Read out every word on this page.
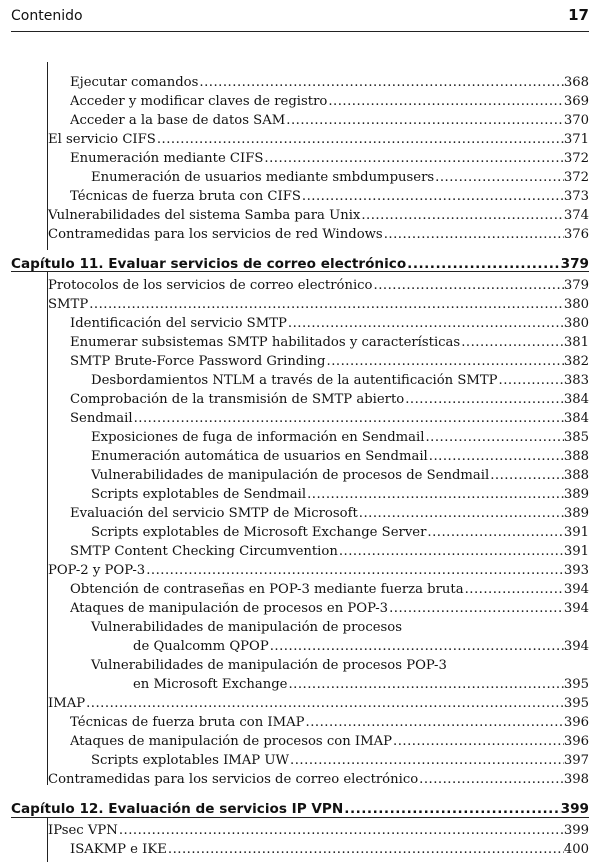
Contenido	17
Ejecutar comandos .....	368
Acceder y modificar claves de registro .....	369
Acceder a la base de datos SAM .....	370
El servicio CIFS .....	371
Enumeración mediante CIFS .....	372
Enumeración de usuarios mediante smbdumpusers .....	372
Técnicas de fuerza bruta con CIFS .....	373
Vulnerabilidades del sistema Samba para Unix .....	374
Contramedidas para los servicios de red Windows .....	376
Capítulo 11. Evaluar servicios de correo electrónico .....	379
Protocolos de los servicios de correo electrónico .....	379
SMTP .....	380
Identificación del servicio SMTP .....	380
Enumerar subsistemas SMTP habilitados y características .....	381
SMTP Brute-Force Password Grinding .....	382
Desbordamientos NTLM a través de la autentificación SMTP .....	383
Comprobación de la transmisión de SMTP abierto .....	384
Sendmail .....	384
Exposiciones de fuga de información en Sendmail .....	385
Enumeración automática de usuarios en Sendmail .....	388
Vulnerabilidades de manipulación de procesos de Sendmail .....	388
Scripts explotables de Sendmail .....	389
Evaluación del servicio SMTP de Microsoft .....	389
Scripts explotables de Microsoft Exchange Server .....	391
SMTP Content Checking Circumvention .....	391
POP-2 y POP-3 .....	393
Obtención de contraseñas en POP-3 mediante fuerza bruta .....	394
Ataques de manipulación de procesos en POP-3 .....	394
Vulnerabilidades de manipulación de procesos
de Qualcomm QPOP .....	394
Vulnerabilidades de manipulación de procesos POP-3
en Microsoft Exchange .....	395
IMAP .....	395
Técnicas de fuerza bruta con IMAP .....	396
Ataques de manipulación de procesos con IMAP .....	396
Scripts explotables IMAP UW .....	397
Contramedidas para los servicios de correo electrónico .....	398
Capítulo 12. Evaluación de servicios IP VPN .....	399
IPsec VPN .....	399
ISAKMP e IKE .....	400
